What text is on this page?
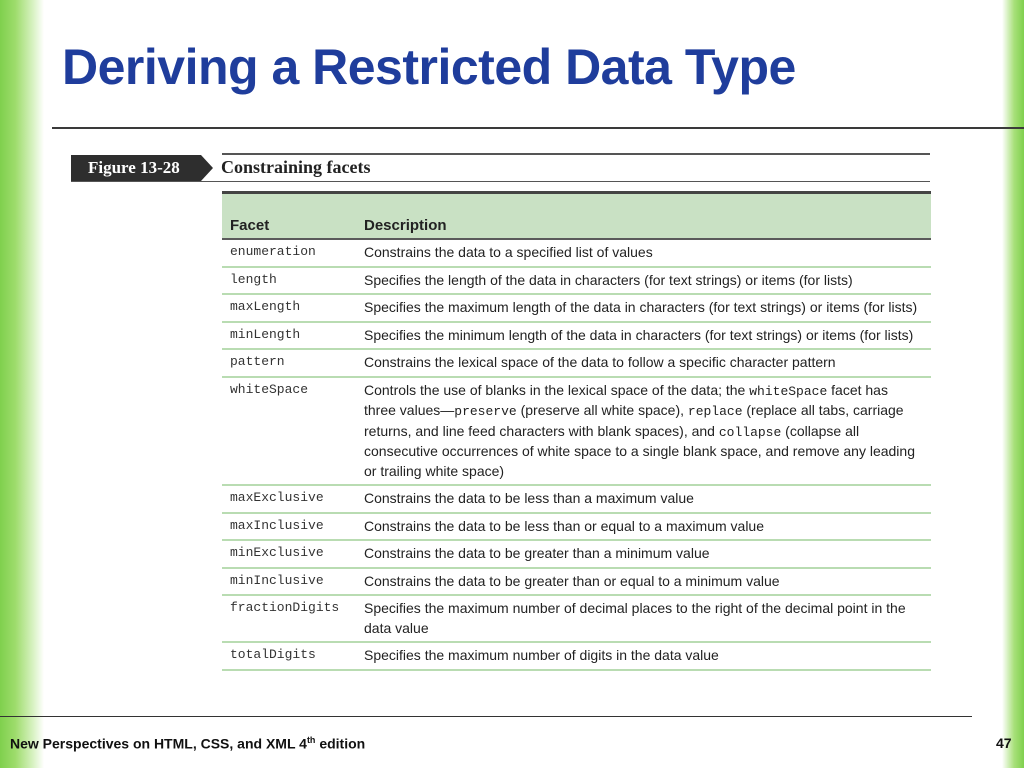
Deriving a Restricted Data Type
Figure 13-28	Constraining facets
Facet	Description
enumeration	Constrains the data to a specified list of values
length	Specifies the length of the data in characters (for text strings) or items (for lists)
maxLength	Specifies the maximum length of the data in characters (for text strings) or items (for lists)
minLength	Specifies the minimum length of the data in characters (for text strings) or items (for lists)
pattern	Constrains the lexical space of the data to follow a specific character pattern
whiteSpace	Controls the use of blanks in the lexical space of the data; the whiteSpace facet has three values—preserve (preserve all white space), replace (replace all tabs, carriage returns, and line feed characters with blank spaces), and collapse (collapse all consecutive occurrences of white space to a single blank space, and remove any leading or trailing white space)
maxExclusive	Constrains the data to be less than a maximum value
maxInclusive	Constrains the data to be less than or equal to a maximum value
minExclusive	Constrains the data to be greater than a minimum value
minInclusive	Constrains the data to be greater than or equal to a minimum value
fractionDigits	Specifies the maximum number of decimal places to the right of the decimal point in the data value
totalDigits	Specifies the maximum number of digits in the data value
New Perspectives on HTML, CSS, and XML 4th edition	47
